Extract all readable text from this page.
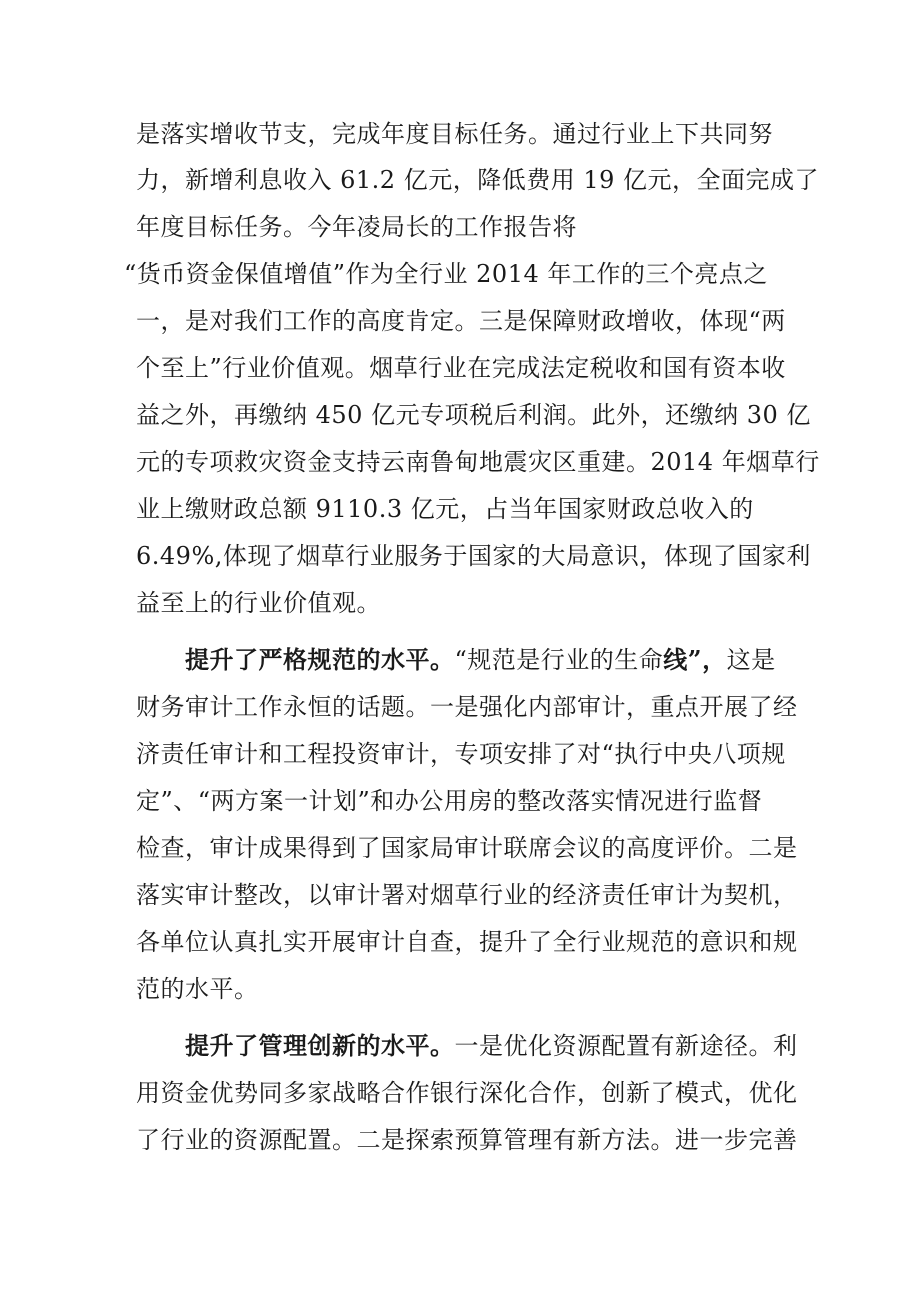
是落实增收节支，完成年度目标任务。通过行业上下共同努
力，新增利息收入 61.2 亿元，降低费用 19 亿元，全面完成了
年度目标任务。今年凌局长的工作报告将
“货币资金保值增值”作为全行业 2014 年工作的三个亮点之
一，是对我们工作的高度肯定。三是保障财政增收，体现“两
个至上”行业价值观。烟草行业在完成法定税收和国有资本收
益之外，再缴纳 450 亿元专项税后利润。此外，还缴纳 30 亿
元的专项救灾资金支持云南鲁甸地震灾区重建。2014 年烟草行
业上缴财政总额 9110.3 亿元，占当年国家财政总收入的
6.49%,体现了烟草行业服务于国家的大局意识，体现了国家利
益至上的行业价值观。
提升了严格规范的水平。“规范是行业的生命线”，这是
财务审计工作永恒的话题。一是强化内部审计，重点开展了经
济责任审计和工程投资审计，专项安排了对“执行中央八项规
定”、“两方案一计划”和办公用房的整改落实情况进行监督
检查，审计成果得到了国家局审计联席会议的高度评价。二是
落实审计整改，以审计署对烟草行业的经济责任审计为契机，
各单位认真扎实开展审计自查，提升了全行业规范的意识和规
范的水平。
提升了管理创新的水平。一是优化资源配置有新途径。利
用资金优势同多家战略合作银行深化合作，创新了模式，优化
了行业的资源配置。二是探索预算管理有新方法。进一步完善
